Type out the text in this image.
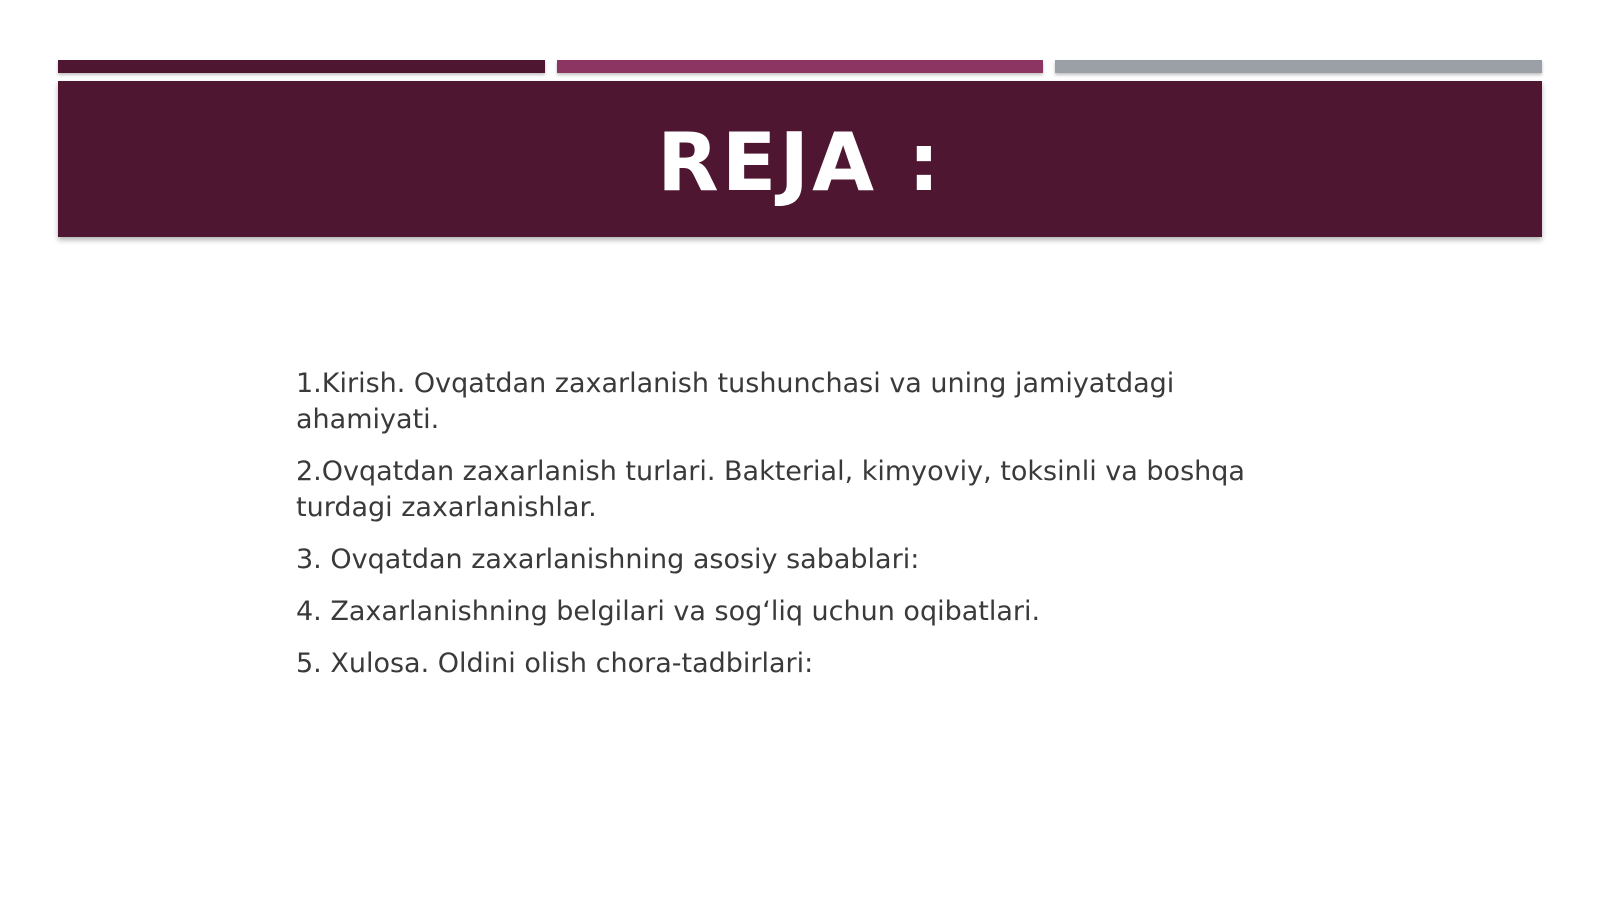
REJA :

1.Kirish. Ovqatdan zaxarlanish tushunchasi va uning jamiyatdagi ahamiyati.

2.Ovqatdan zaxarlanish turlari. Bakterial, kimyoviy, toksinli va boshqa turdagi zaxarlanishlar.

3. Ovqatdan zaxarlanishning asosiy sabablari:

4. Zaxarlanishning belgilari va sog‘liq uchun oqibatlari.

5. Xulosa. Oldini olish chora-tadbirlari:
